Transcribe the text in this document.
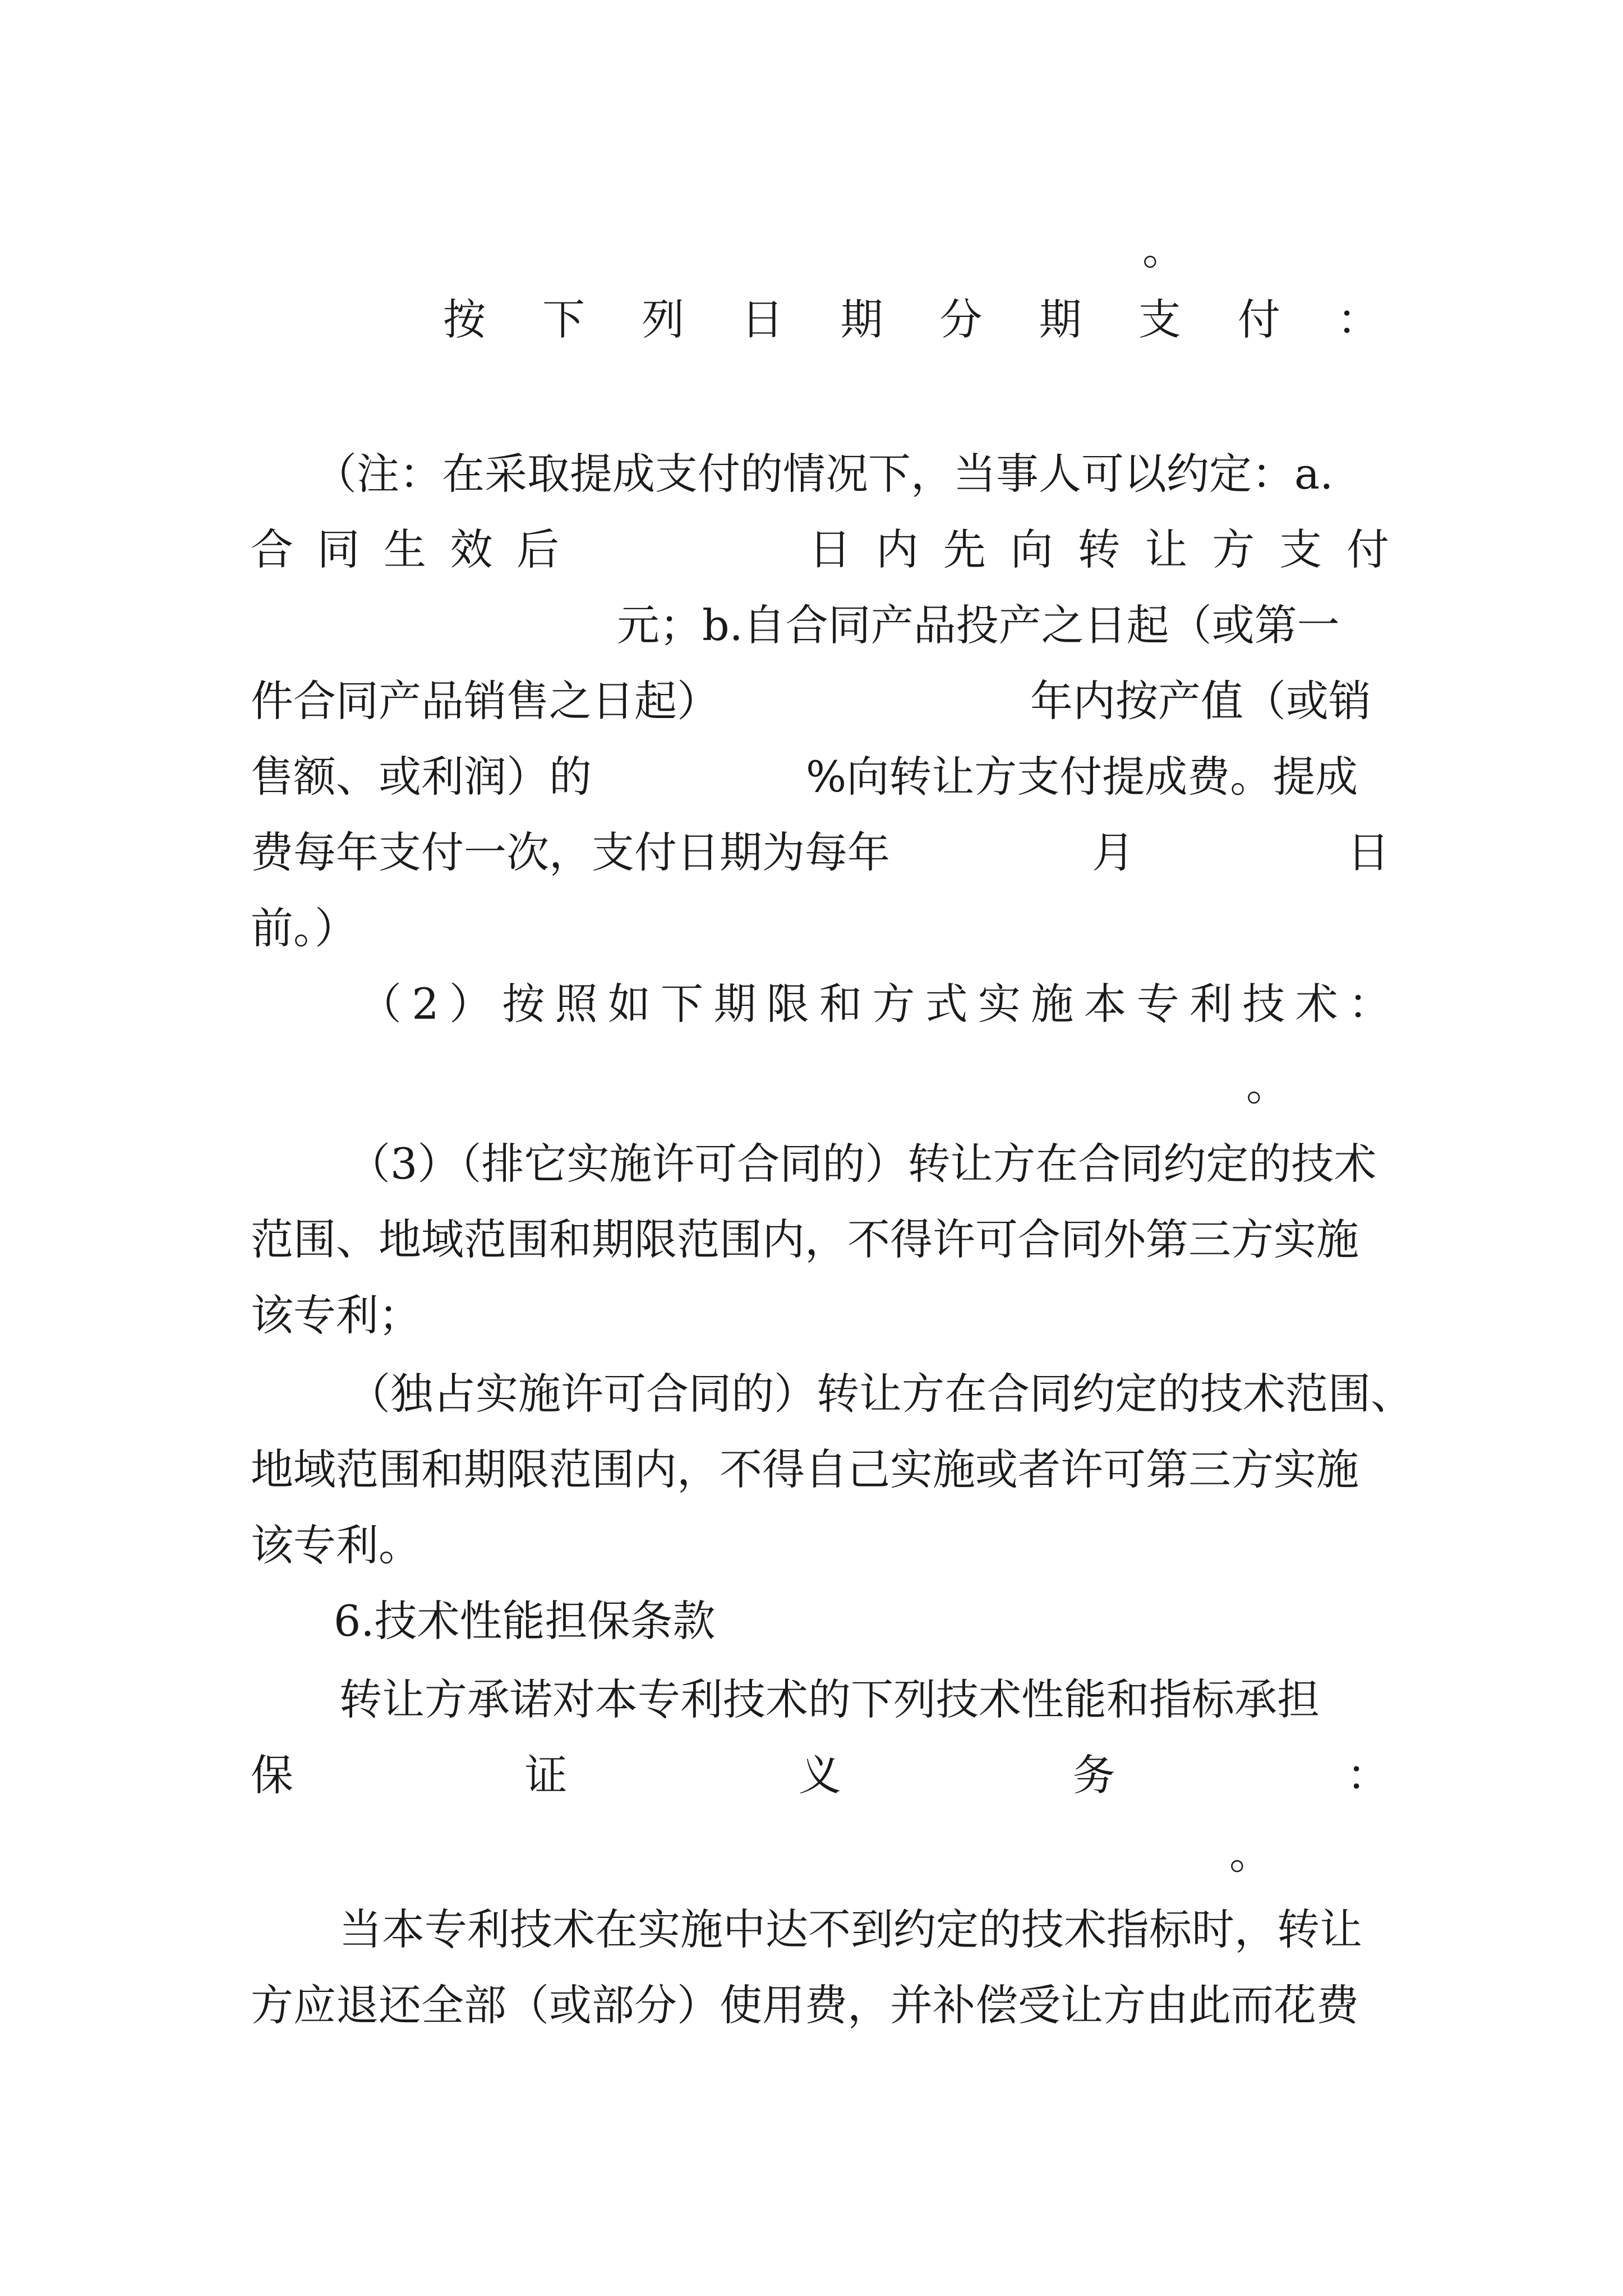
。
按 下 列 日 期 分 期 支 付 ：
（注：在采取提成支付的情况下，当事人可以约定：a.
合 同 生 效 后	日 内 先 向 转 让 方 支 付
元；b.自合同产品投产之日起（或第一
件合同产品销售之日起）	年内按产值（或销
售额、或利润）的	%向转让方支付提成费。提成
费每年支付一次，支付日期为每年	月	日
前。）
（ 2 ） 按 照 如 下 期 限 和 方 式 实 施 本 专 利 技 术 ：
。
（3）（排它实施许可合同的）转让方在合同约定的技术
范围、地域范围和期限范围内，不得许可合同外第三方实施
该专利；
（独占实施许可合同的）转让方在合同约定的技术范围、
地域范围和期限范围内，不得自己实施或者许可第三方实施
该专利。
6.技术性能担保条款
转让方承诺对本专利技术的下列技术性能和指标承担
保	证	义	务	：
。
当本专利技术在实施中达不到约定的技术指标时，转让
方应退还全部（或部分）使用费，并补偿受让方由此而花费
